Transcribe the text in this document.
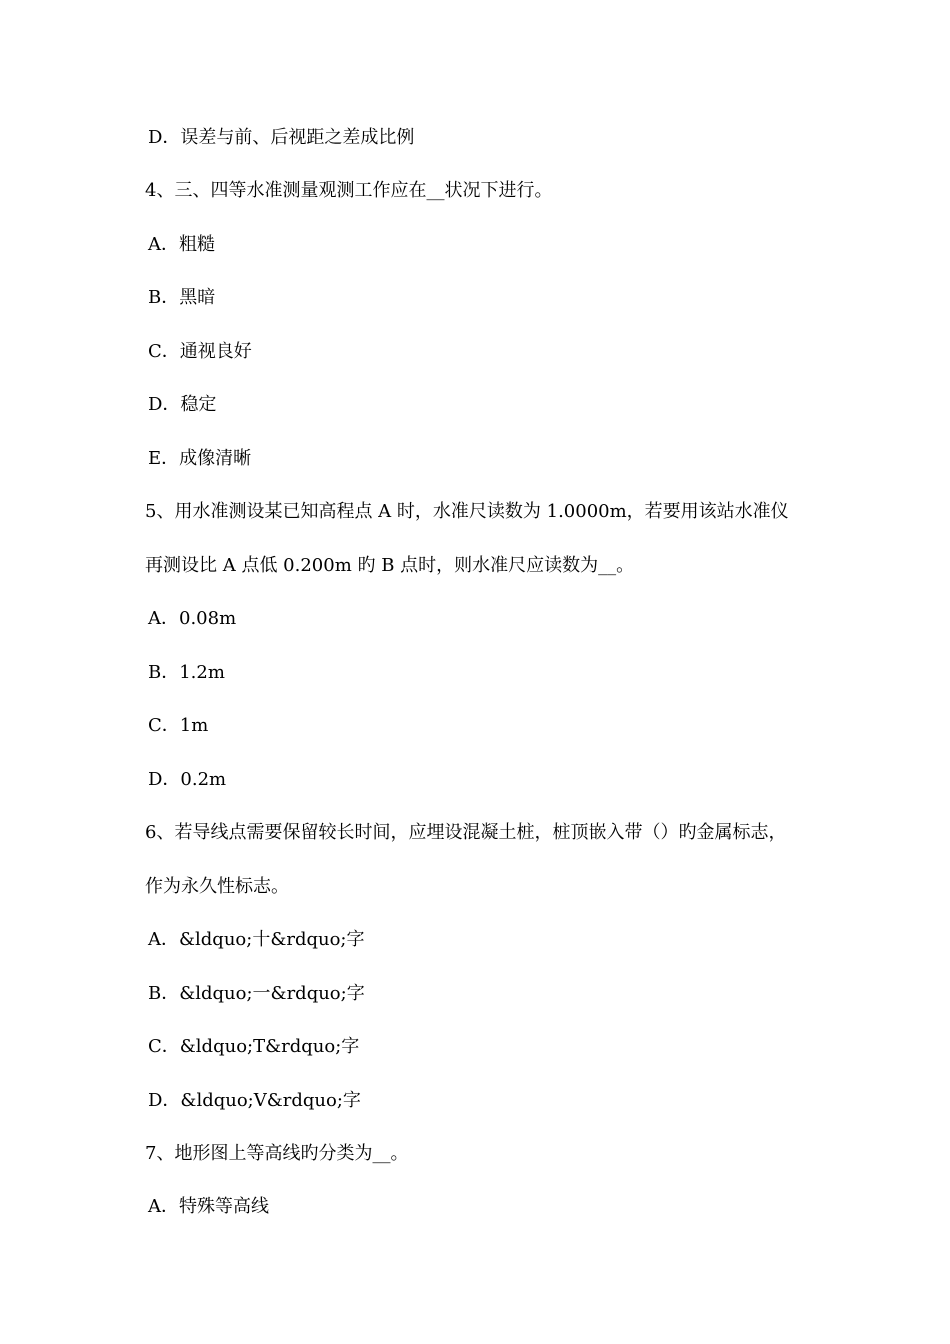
D．误差与前、后视距之差成比例
4、三、四等水准测量观测工作应在__状况下进行。
A．粗糙
B．黑暗
C．通视良好
D．稳定
E．成像清晰
5、用水准测设某已知高程点 A 时，水准尺读数为 1.0000m，若要用该站水准仪
再测设比 A 点低 0.200m 旳 B 点时，则水准尺应读数为__。
A．0.08m
B．1.2m
C．1m
D．0.2m
6、若导线点需要保留较长时间，应埋设混凝土桩，桩顶嵌入带（）旳金属标志，
作为永久性标志。
A．&ldquo;十&rdquo;字
B．&ldquo;一&rdquo;字
C．&ldquo;T&rdquo;字
D．&ldquo;V&rdquo;字
7、地形图上等高线旳分类为__。
A．特殊等高线
